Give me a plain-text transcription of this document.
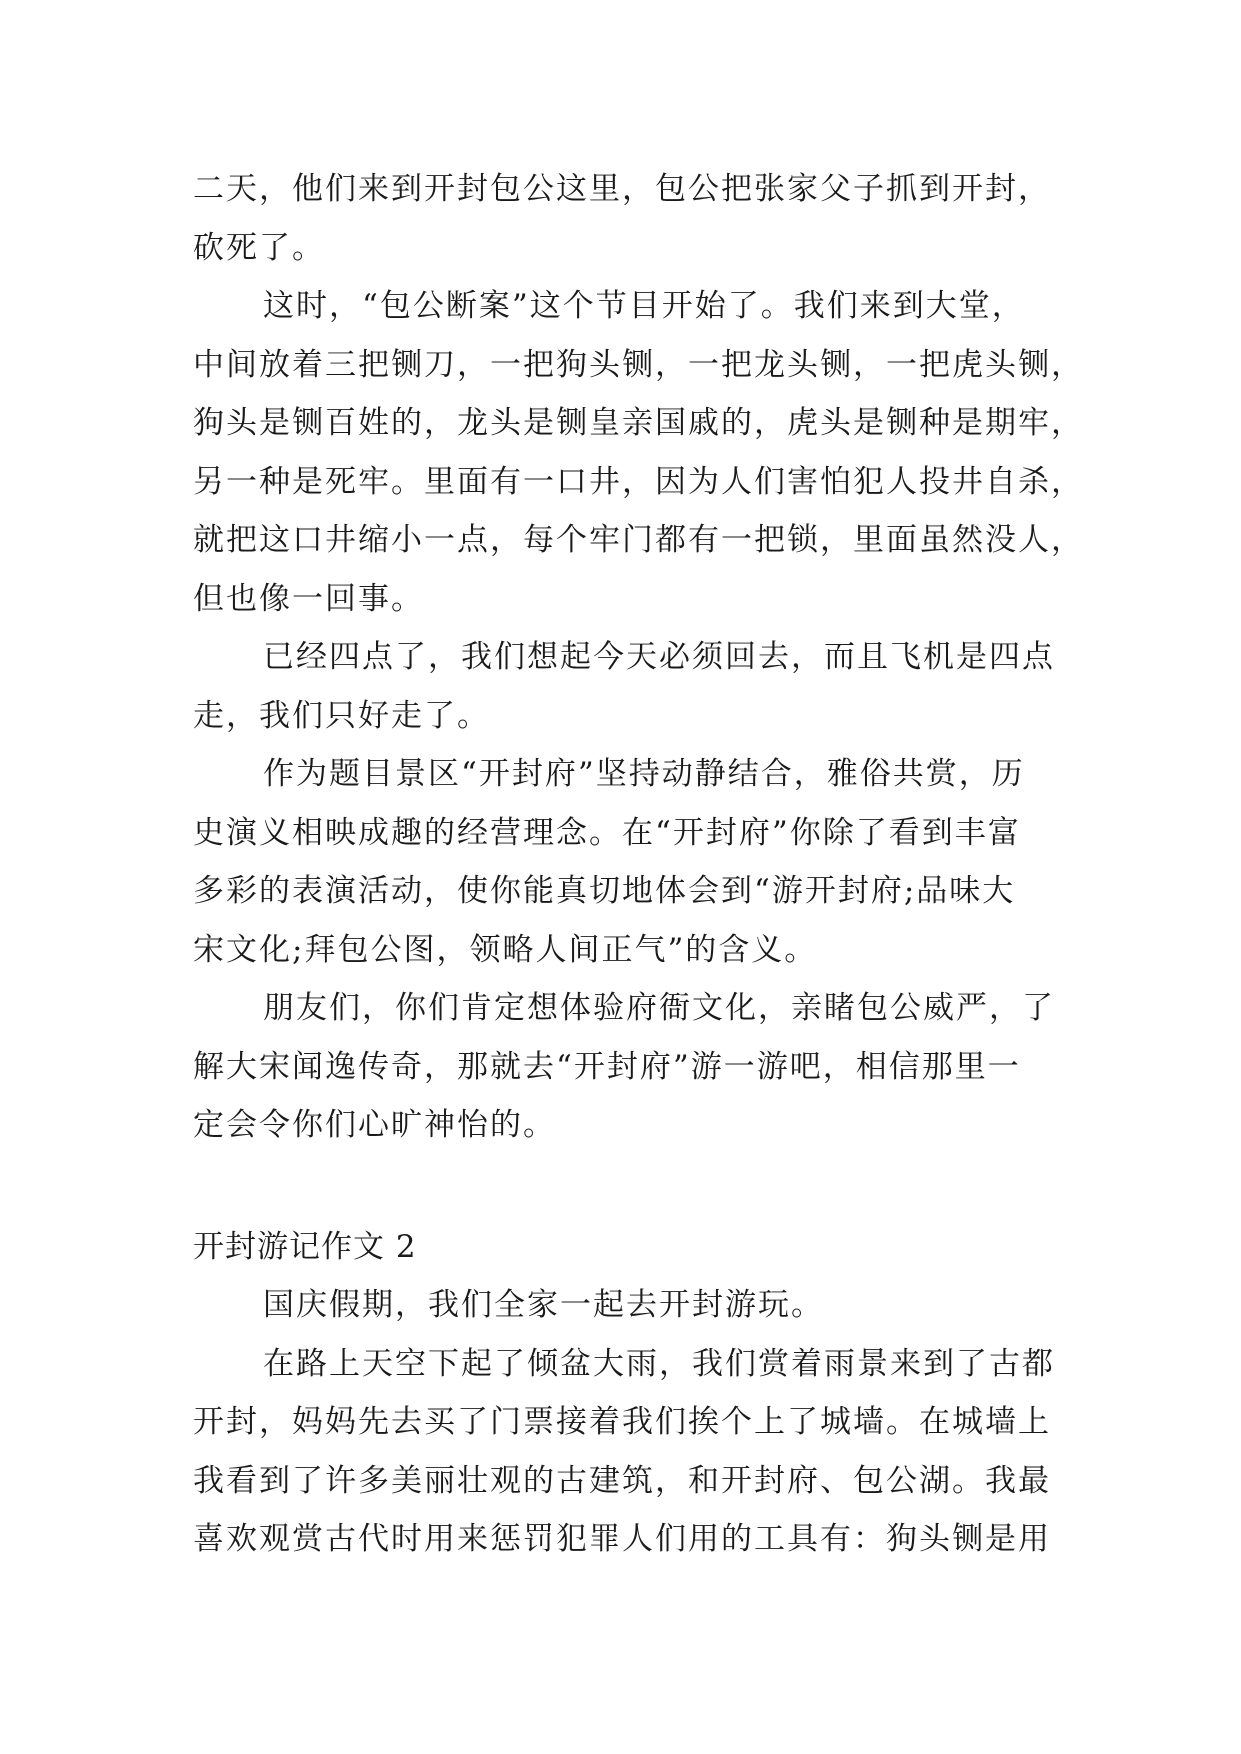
二天，他们来到开封包公这里，包公把张家父子抓到开封，

砍死了。

这时，“包公断案”这个节目开始了。我们来到大堂，

中间放着三把铡刀，一把狗头铡，一把龙头铡，一把虎头铡，

狗头是铡百姓的，龙头是铡皇亲国戚的，虎头是铡种是期牢，

另一种是死牢。里面有一口井，因为人们害怕犯人投井自杀，

就把这口井缩小一点，每个牢门都有一把锁，里面虽然没人，

但也像一回事。

已经四点了，我们想起今天必须回去，而且飞机是四点

走，我们只好走了。

作为题目景区“开封府”坚持动静结合，雅俗共赏，历

史演义相映成趣的经营理念。在“开封府”你除了看到丰富

多彩的表演活动，使你能真切地体会到“游开封府;品味大

宋文化;拜包公图，领略人间正气”的含义。

朋友们，你们肯定想体验府衙文化，亲睹包公威严，了

解大宋闻逸传奇，那就去“开封府”游一游吧，相信那里一

定会令你们心旷神怡的。

开封游记作文 2

国庆假期，我们全家一起去开封游玩。

在路上天空下起了倾盆大雨，我们赏着雨景来到了古都

开封，妈妈先去买了门票接着我们挨个上了城墙。在城墙上

我看到了许多美丽壮观的古建筑，和开封府、包公湖。我最

喜欢观赏古代时用来惩罚犯罪人们用的工具有：狗头铡是用
